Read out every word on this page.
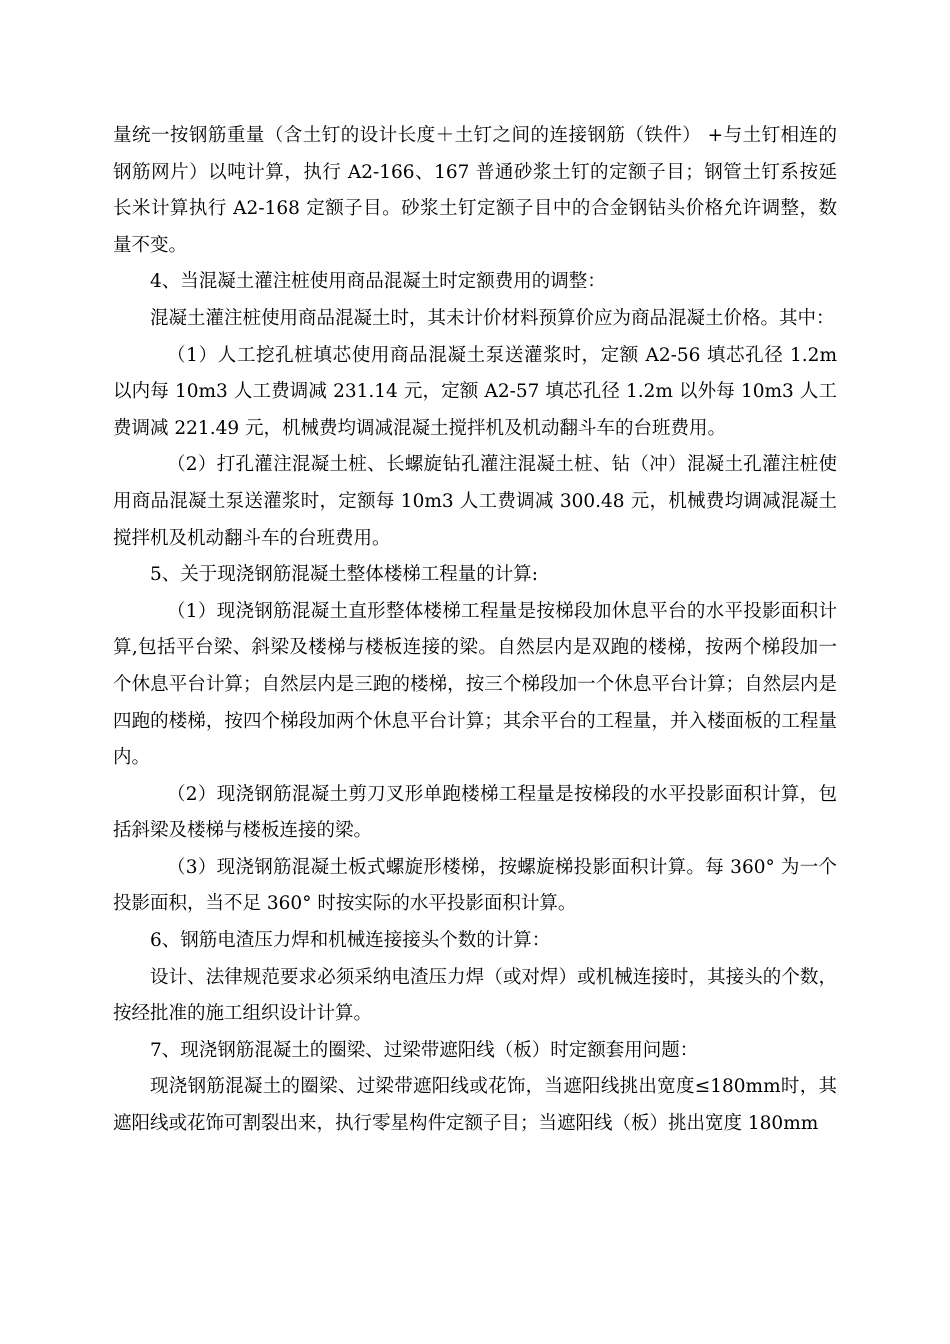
量统一按钢筋重量（含土钉的设计长度＋土钉之间的连接钢筋（铁件） +与土钉相连的钢筋网片）以吨计算，执行 A2-166、167 普通砂浆土钉的定额子目；钢管土钉系按延长米计算执行 A2-168 定额子目。砂浆土钉定额子目中的合金钢钻头价格允许调整，数量不变。

4、当混凝土灌注桩使用商品混凝土时定额费用的调整：

混凝土灌注桩使用商品混凝土时，其未计价材料预算价应为商品混凝土价格。其中：

（1）人工挖孔桩填芯使用商品混凝土泵送灌浆时，定额 A2-56 填芯孔径 1.2m 以内每 10m3 人工费调减 231.14 元，定额 A2-57 填芯孔径 1.2m 以外每 10m3 人工费调减 221.49 元，机械费均调减混凝土搅拌机及机动翻斗车的台班费用。

（2）打孔灌注混凝土桩、长螺旋钻孔灌注混凝土桩、钻（冲）混凝土孔灌注桩使用商品混凝土泵送灌浆时，定额每 10m3 人工费调减 300.48 元，机械费均调减混凝土搅拌机及机动翻斗车的台班费用。

5、关于现浇钢筋混凝土整体楼梯工程量的计算:

（1）现浇钢筋混凝土直形整体楼梯工程量是按梯段加休息平台的水平投影面积计算,包括平台梁、斜梁及楼梯与楼板连接的梁。自然层内是双跑的楼梯，按两个梯段加一个休息平台计算；自然层内是三跑的楼梯，按三个梯段加一个休息平台计算；自然层内是四跑的楼梯，按四个梯段加两个休息平台计算；其余平台的工程量，并入楼面板的工程量内。

（2）现浇钢筋混凝土剪刀叉形单跑楼梯工程量是按梯段的水平投影面积计算，包括斜梁及楼梯与楼板连接的梁。

（3）现浇钢筋混凝土板式螺旋形楼梯，按螺旋梯投影面积计算。每 360° 为一个投影面积，当不足 360° 时按实际的水平投影面积计算。

6、钢筋电渣压力焊和机械连接接头个数的计算：

设计、法律规范要求必须采纳电渣压力焊（或对焊）或机械连接时，其接头的个数，按经批准的施工组织设计计算。

7、现浇钢筋混凝土的圈梁、过梁带遮阳线（板）时定额套用问题：

现浇钢筋混凝土的圈梁、过梁带遮阳线或花饰，当遮阳线挑出宽度≤180mm时，其遮阳线或花饰可割裂出来，执行零星构件定额子目；当遮阳线（板）挑出宽度 180mm
